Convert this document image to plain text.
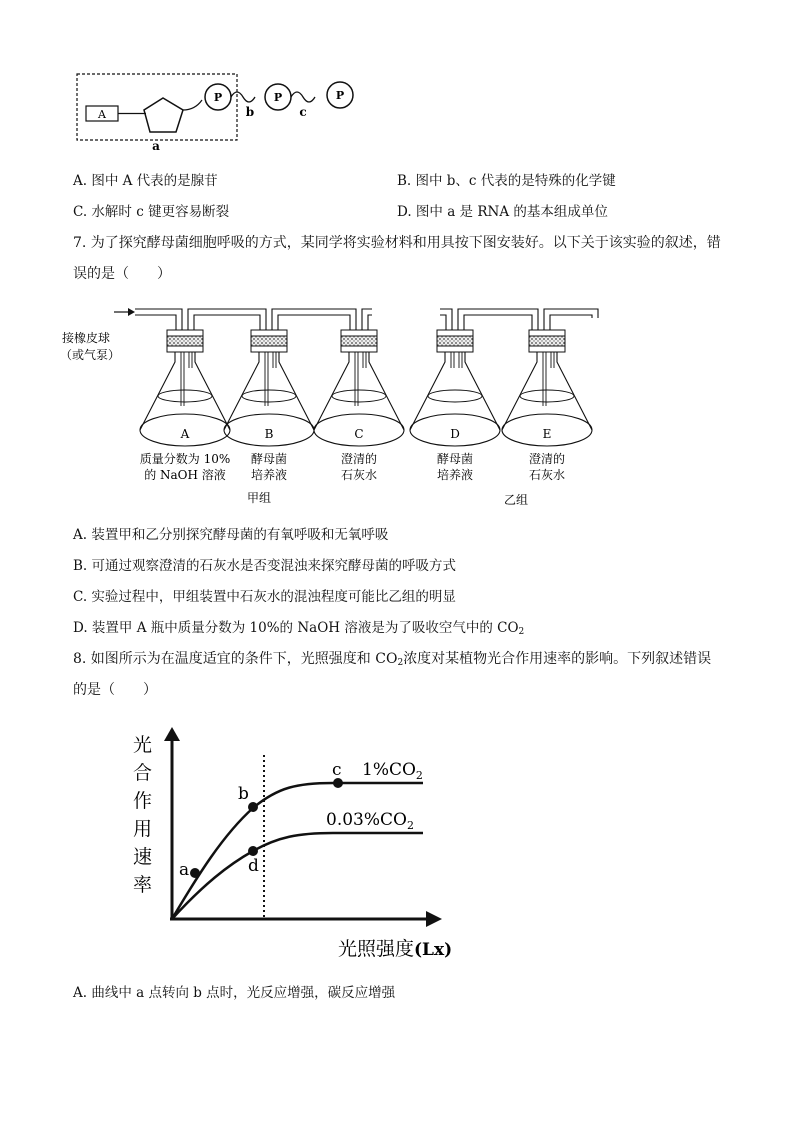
A
P	P	P
b	c
a
A. 图中 A 代表的是腺苷	B. 图中 b、c 代表的是特殊的化学键
C. 水解时 c 键更容易断裂	D. 图中 a 是 RNA 的基本组成单位
7. 为了探究酵母菌细胞呼吸的方式，某同学将实验材料和用具按下图安装好。以下关于该实验的叙述，错
误的是（　　）
接橡皮球
（或气泵）
A
质量分数为 10%
的 NaOH 溶液
B
酵母菌
培养液
C
澄清的
石灰水
D
酵母菌
培养液
E
澄清的
石灰水
甲组	乙组
A. 装置甲和乙分别探究酵母菌的有氧呼吸和无氧呼吸
B. 可通过观察澄清的石灰水是否变混浊来探究酵母菌的呼吸方式
C. 实验过程中，甲组装置中石灰水的混浊程度可能比乙组的明显
D. 装置甲 A 瓶中质量分数为 10%的 NaOH 溶液是为了吸收空气中的 $CO_2$
8. 如图所示为在温度适宜的条件下，光照强度和 $CO_2$浓度对某植物光合作用速率的影响。下列叙述错误
的是（　　）
光
合
作
用
速
率
a
b
c
d
$1\%CO_2$
$0.03\%CO_2$
光照强度 (Lx)
A. 曲线中 a 点转向 b 点时，光反应增强，碳反应增强
